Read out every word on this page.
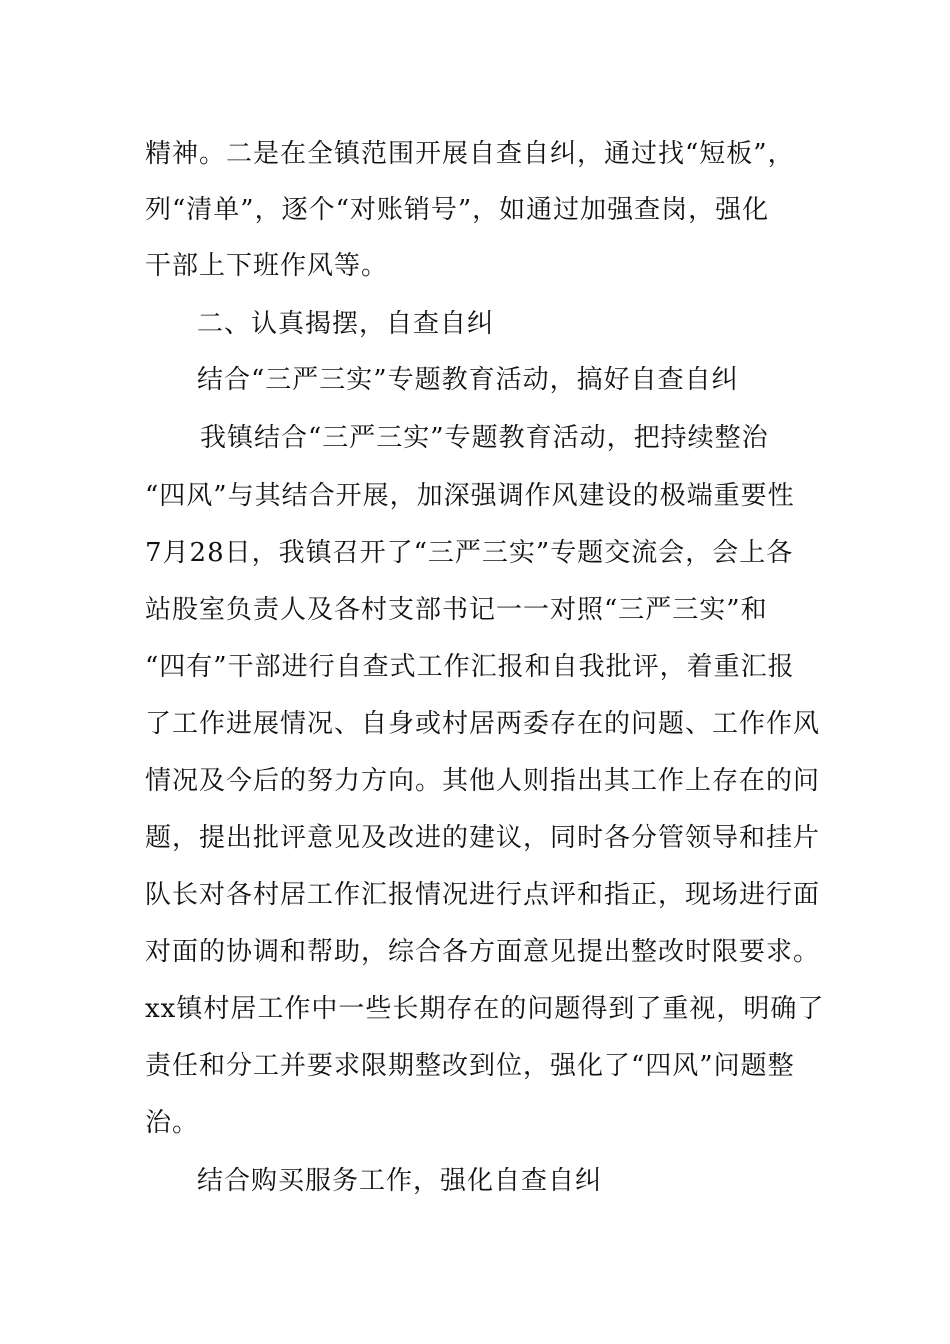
精神。二是在全镇范围开展自查自纠，通过找“短板”，
列“清单”，逐个“对账销号”，如通过加强查岗，强化
干部上下班作风等。
二、认真揭摆，自查自纠
结合“三严三实”专题教育活动，搞好自查自纠
我镇结合“三严三实”专题教育活动，把持续整治
“四风”与其结合开展，加深强调作风建设的极端重要性
7月28日，我镇召开了“三严三实”专题交流会，会上各
站股室负责人及各村支部书记一一对照“三严三实”和
“四有”干部进行自查式工作汇报和自我批评，着重汇报
了工作进展情况、自身或村居两委存在的问题、工作作风
情况及今后的努力方向。其他人则指出其工作上存在的问
题，提出批评意见及改进的建议，同时各分管领导和挂片
队长对各村居工作汇报情况进行点评和指正，现场进行面
对面的协调和帮助，综合各方面意见提出整改时限要求。
xx镇村居工作中一些长期存在的问题得到了重视，明确了
责任和分工并要求限期整改到位，强化了“四风”问题整
治。
结合购买服务工作，强化自查自纠
